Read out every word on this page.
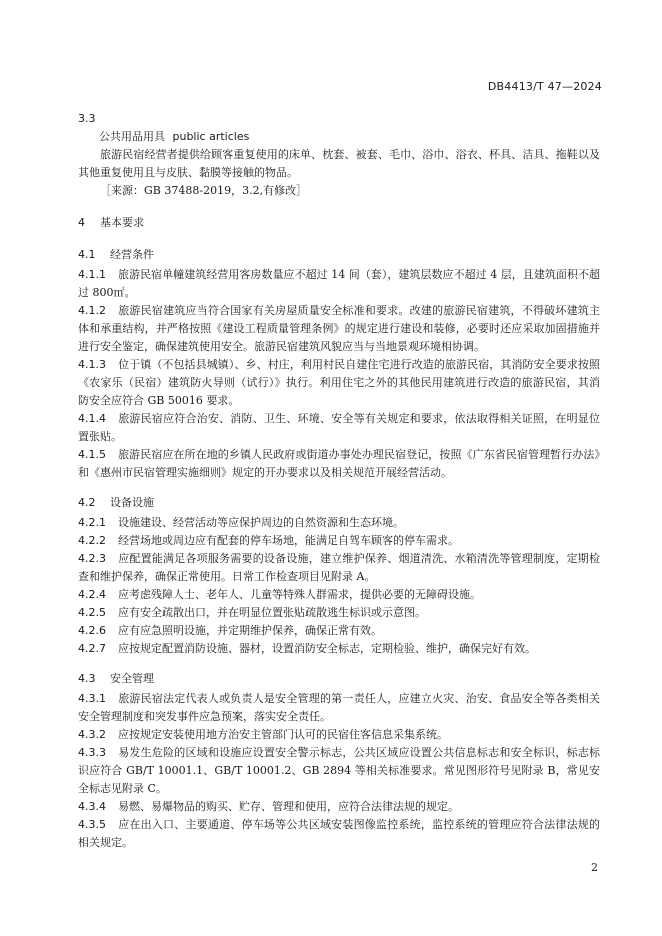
DB4413/T 47—2024
3.3
公共用品用具 public articles

旅游民宿经营者提供给顾客重复使用的床单、枕套、被套、毛巾、浴巾、浴衣、杯具、洁具、拖鞋以及其他重复使用且与皮肤、黏膜等接触的物品。

［来源：GB 37488-2019，3.2,有修改］
4 基本要求
4.1 经营条件

4.1.1 旅游民宿单幢建筑经营用客房数量应不超过 14 间（套），建筑层数应不超过 4 层，且建筑面积不超过 800㎡。

4.1.2 旅游民宿建筑应当符合国家有关房屋质量安全标准和要求。改建的旅游民宿建筑，不得破坏建筑主体和承重结构，并严格按照《建设工程质量管理条例》的规定进行建设和装修，必要时还应采取加固措施并进行安全鉴定，确保建筑使用安全。旅游民宿建筑风貌应当与当地景观环境相协调。

4.1.3 位于镇（不包括县城镇）、乡、村庄，利用村民自建住宅进行改造的旅游民宿，其消防安全要求按照《农家乐（民宿）建筑防火导则（试行）》执行。利用住宅之外的其他民用建筑进行改造的旅游民宿，其消防安全应符合 GB 50016 要求。

4.1.4 旅游民宿应符合治安、消防、卫生、环境、安全等有关规定和要求，依法取得相关证照，在明显位置张贴。

4.1.5 旅游民宿应在所在地的乡镇人民政府或街道办事处办理民宿登记，按照《广东省民宿管理暂行办法》和《惠州市民宿管理实施细则》规定的开办要求以及相关规范开展经营活动。

4.2 设备设施

4.2.1 设施建设、经营活动等应保护周边的自然资源和生态环境。

4.2.2 经营场地或周边应有配套的停车场地，能满足自驾车顾客的停车需求。

4.2.3 应配置能满足各项服务需要的设备设施，建立维护保养、烟道清洗、水箱清洗等管理制度，定期检查和维护保养，确保正常使用。日常工作检查项目见附录 A。

4.2.4 应考虑残障人士、老年人、儿童等特殊人群需求，提供必要的无障碍设施。

4.2.5 应有安全疏散出口，并在明显位置张贴疏散逃生标识或示意图。

4.2.6 应有应急照明设施，并定期维护保养，确保正常有效。

4.2.7 应按规定配置消防设施、器材，设置消防安全标志，定期检验、维护，确保完好有效。

4.3 安全管理

4.3.1 旅游民宿法定代表人或负责人是安全管理的第一责任人，应建立火灾、治安、食品安全等各类相关安全管理制度和突发事件应急预案，落实安全责任。

4.3.2 应按规定安装使用地方治安主管部门认可的民宿住客信息采集系统。

4.3.3 易发生危险的区域和设施应设置安全警示标志，公共区域应设置公共信息标志和安全标识，标志标识应符合 GB/T 10001.1、GB/T 10001.2、GB 2894 等相关标准要求。常见图形符号见附录 B，常见安全标志见附录 C。

4.3.4 易燃、易爆物品的购买、贮存、管理和使用，应符合法律法规的规定。

4.3.5 应在出入口、主要通道、停车场等公共区域安装图像监控系统，监控系统的管理应符合法律法规的相关规定。

2
